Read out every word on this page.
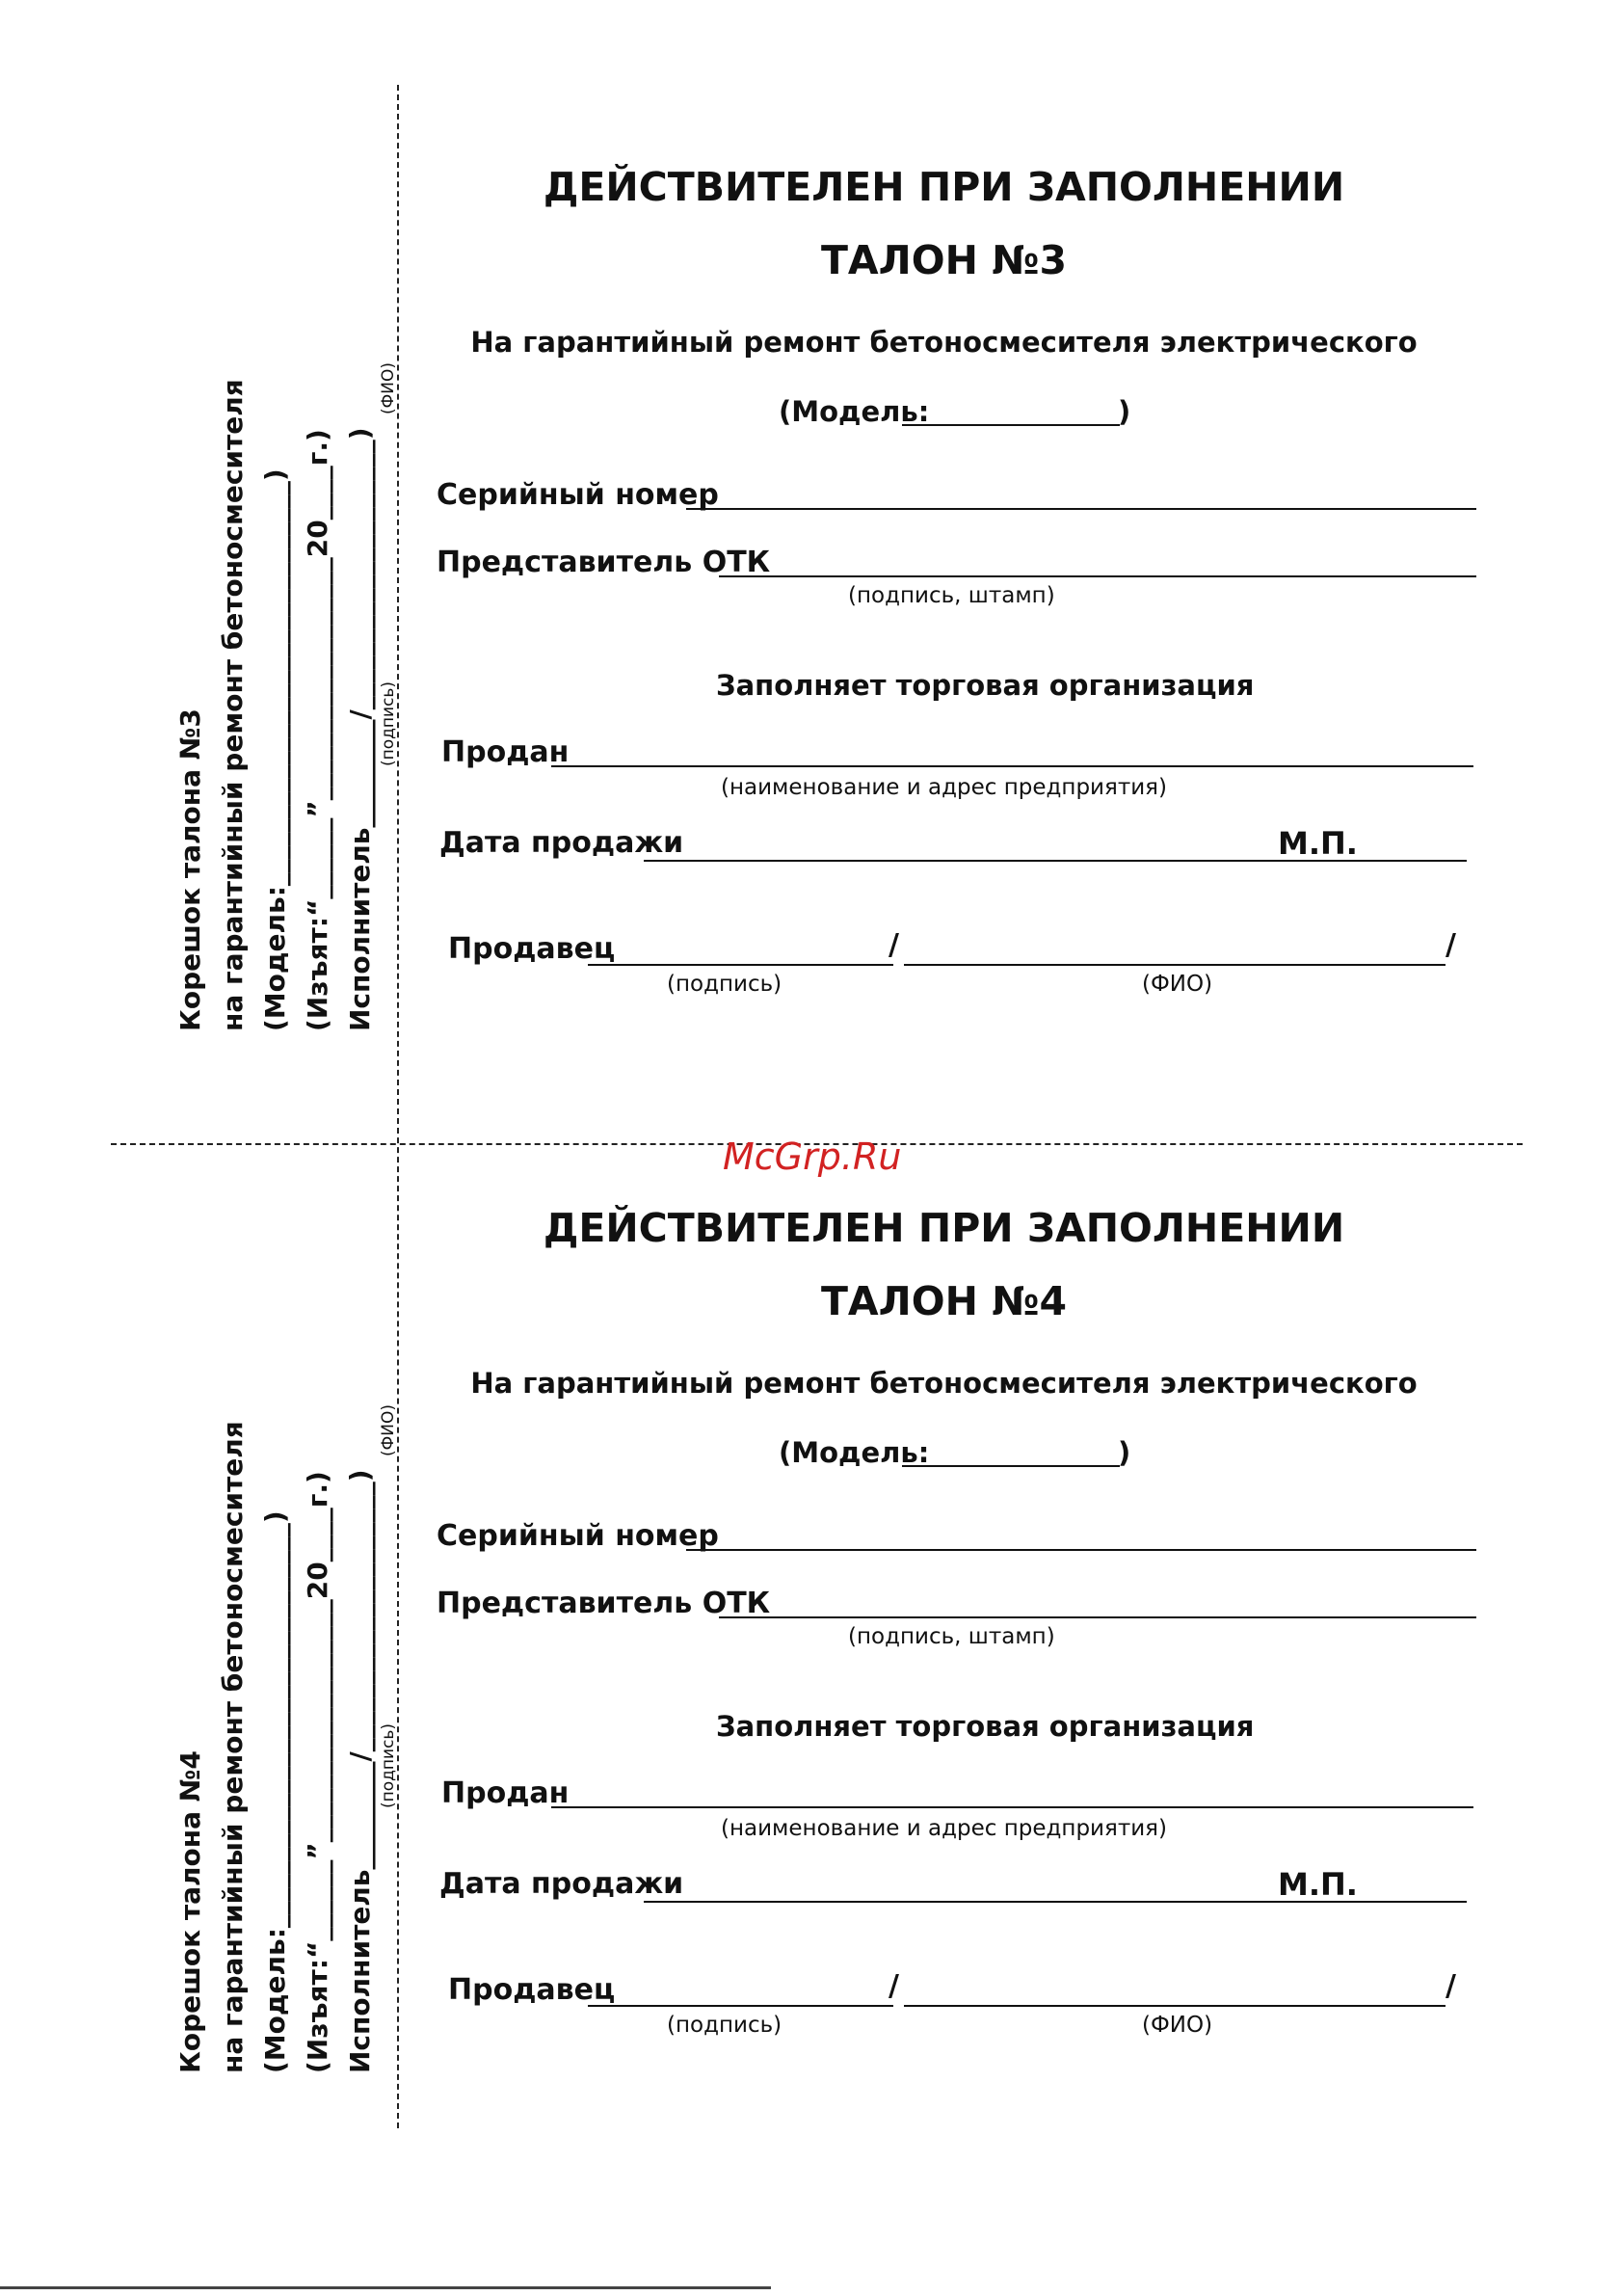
McGrp.Ru
Корешок талона №3 на гарантийный ремонт бетоносмесителя (Модель:______________________________) (Изъят:“______”__________________20____г.) Исполнитель________/____________________) (подпись)
(ФИО)
ДЕЙСТВИТЕЛЕН ПРИ ЗАПОЛНЕНИИ
ТАЛОН №3
На гарантийный ремонт бетоносмесителя электрического
(Модель:	)
Серийный номер
Представитель ОТК
(подпись, штамп)
Заполняет торговая организация
Продан
(наименование и адрес предприятия)
Дата продажи	М.П.
Продавец	/	/
(подпись)	(ФИО)
Корешок талона №4 на гарантийный ремонт бетоносмесителя (Модель:______________________________) (Изъят:“______”__________________20____г.) Исполнитель________/____________________) (подпись)
(ФИО)
ДЕЙСТВИТЕЛЕН ПРИ ЗАПОЛНЕНИИ
ТАЛОН №4
На гарантийный ремонт бетоносмесителя электрического
(Модель:	)
Серийный номер
Представитель ОТК
(подпись, штамп)
Заполняет торговая организация
Продан
(наименование и адрес предприятия)
Дата продажи	М.П.
Продавец	/	/
(подпись)	(ФИО)
